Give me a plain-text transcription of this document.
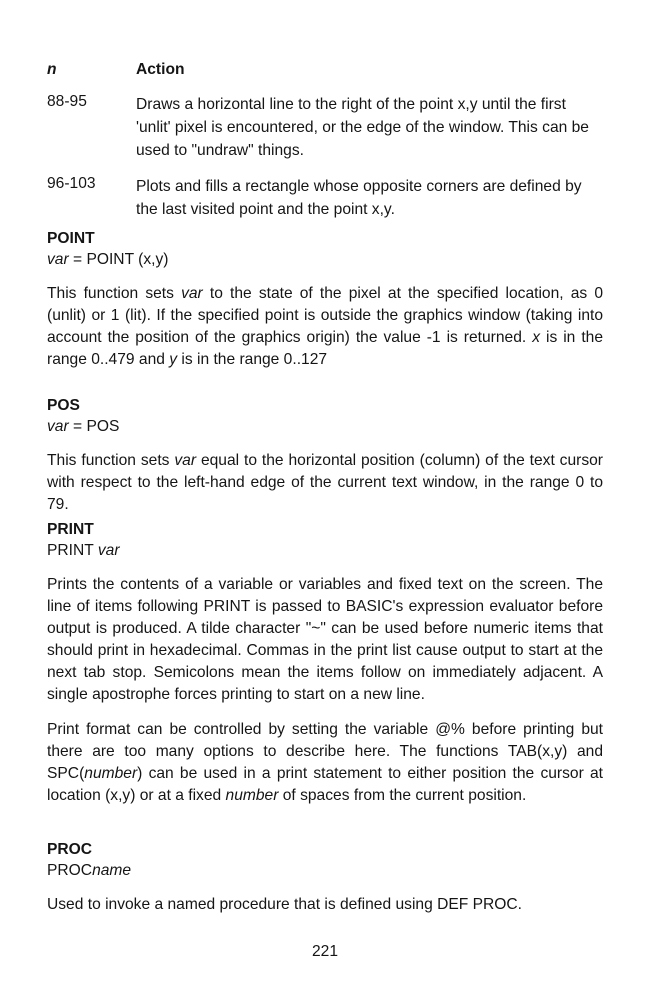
n	Action
88-95	Draws a horizontal line to the right of the point x,y until the first 'unlit' pixel is encountered, or the edge of the window. This can be used to "undraw" things.
96-103	Plots and fills a rectangle whose opposite corners are defined by the last visited point and the point x,y.
POINT
var = POINT (x,y)
This function sets var to the state of the pixel at the specified location, as 0 (unlit) or 1 (lit). If the specified point is outside the graphics window (taking into account the position of the graphics origin) the value -1 is returned. x is in the range 0..479 and y is in the range 0..127
POS
var = POS
This function sets var equal to the horizontal position (column) of the text cursor with respect to the left-hand edge of the current text window, in the range 0 to 79.
PRINT
PRINT var
Prints the contents of a variable or variables and fixed text on the screen. The line of items following PRINT is passed to BASIC's expression evaluator before output is produced. A tilde character "~" can be used before numeric items that should print in hexadecimal. Commas in the print list cause output to start at the next tab stop. Semicolons mean the items follow on immediately adjacent. A single apostrophe forces printing to start on a new line.
Print format can be controlled by setting the variable @% before printing but there are too many options to describe here. The functions TAB(x,y) and SPC(number) can be used in a print statement to either position the cursor at location (x,y) or at a fixed number of spaces from the current position.
PROC
PROCname
Used to invoke a named procedure that is defined using DEF PROC.
221
